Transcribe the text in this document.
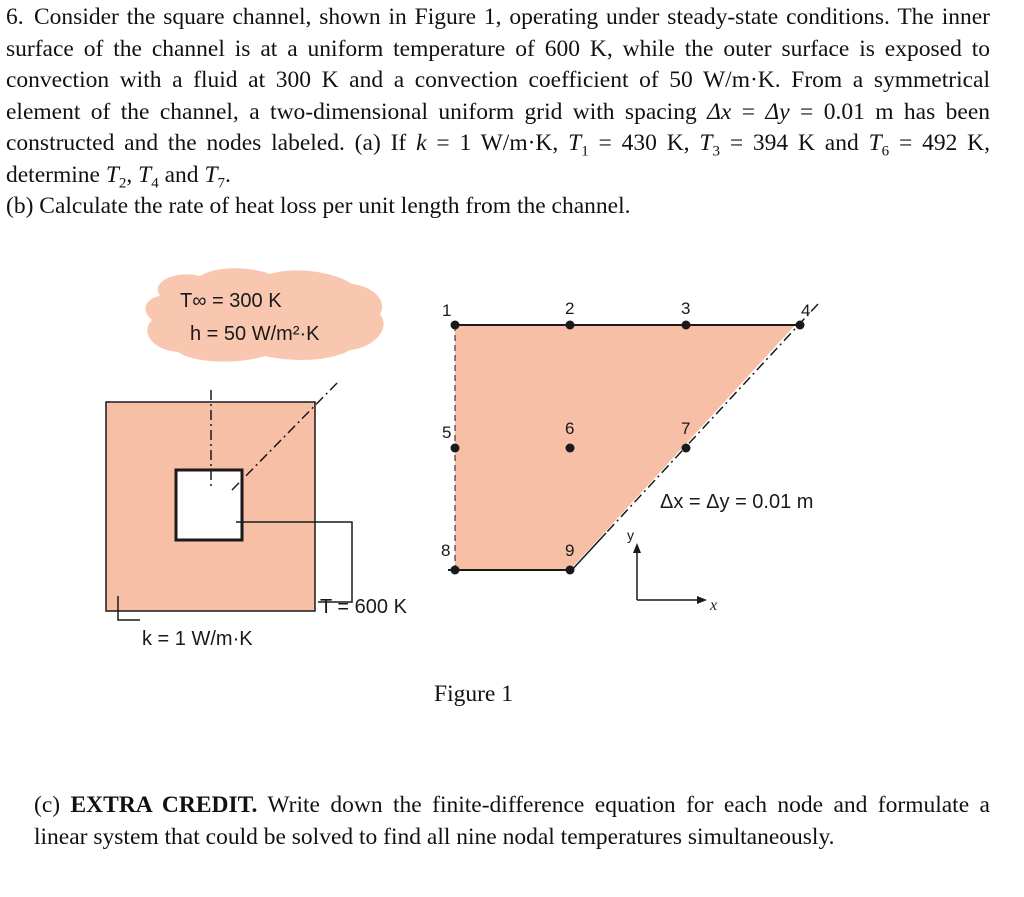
6. Consider the square channel, shown in Figure 1, operating under steady-state conditions. The inner surface of the channel is at a uniform temperature of 600 K, while the outer surface is exposed to convection with a fluid at 300 K and a convection coefficient of 50 W/m·K. From a symmetrical element of the channel, a two-dimensional uniform grid with spacing Δx = Δy = 0.01 m has been constructed and the nodes labeled. (a) If k = 1 W/m·K, $T_1 = 430$ K, $T_3 = 394$ K and $T_6 = 492$ K, determine $T_2$, $T_4$ and $T_7$.
(b) Calculate the rate of heat loss per unit length from the channel.
T∞ = 300 K
h = 50 W/m²·K
T = 600 K
k = 1 W/m·K
1	2	3	4
5	6	7
8	9
Δx = Δy = 0.01 m
y
x
Figure 1
(c) EXTRA CREDIT. Write down the finite-difference equation for each node and formulate a linear system that could be solved to find all nine nodal temperatures simultaneously.
